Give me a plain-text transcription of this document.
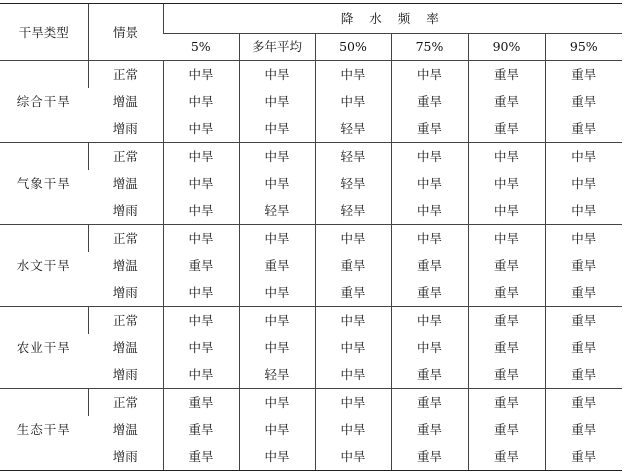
干旱类型	情景	降 水 频 率					
		5%	多年平均	50%	75%	90%	95%
综合干旱	正常	中旱	中旱	中旱	中旱	重旱	重旱
	增温	中旱	中旱	中旱	重旱	重旱	重旱
	增雨	中旱	中旱	轻旱	重旱	重旱	重旱
气象干旱	正常	中旱	中旱	轻旱	中旱	中旱	中旱
	增温	中旱	中旱	轻旱	中旱	中旱	中旱
	增雨	中旱	轻旱	轻旱	中旱	中旱	中旱
水文干旱	正常	中旱	中旱	中旱	中旱	中旱	中旱
	增温	重旱	重旱	重旱	重旱	重旱	重旱
	增雨	中旱	中旱	重旱	重旱	重旱	重旱
农业干旱	正常	中旱	中旱	中旱	中旱	重旱	重旱
	增温	中旱	中旱	中旱	中旱	重旱	重旱
	增雨	中旱	轻旱	中旱	重旱	重旱	重旱
生态干旱	正常	重旱	中旱	中旱	重旱	重旱	重旱
	增温	重旱	中旱	中旱	重旱	重旱	重旱
	增雨	重旱	中旱	中旱	重旱	重旱	重旱
